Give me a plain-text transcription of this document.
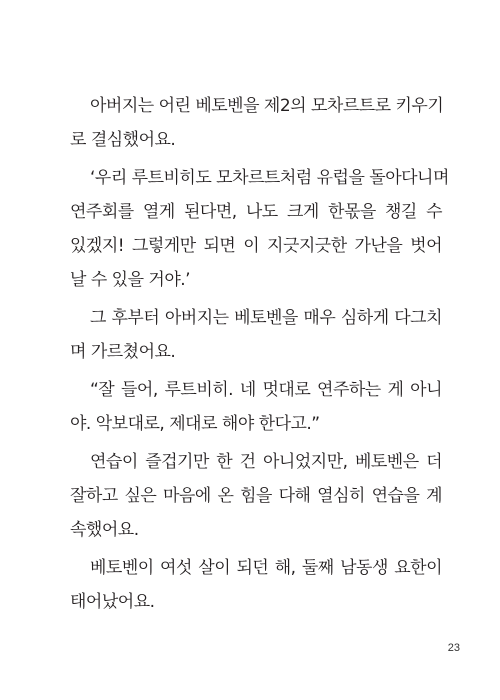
아버지는 어린 베토벤을 제2의 모차르트로 키우기
로 결심했어요.
‘우리 루트비히도 모차르트처럼 유럽을 돌아다니며
연주회를 열게 된다면, 나도 크게 한몫을 챙길 수
있겠지! 그렇게만 되면 이 지긋지긋한 가난을 벗어
날 수 있을 거야.’
그 후부터 아버지는 베토벤을 매우 심하게 다그치
며 가르쳤어요.
“잘 들어, 루트비히. 네 멋대로 연주하는 게 아니
야. 악보대로, 제대로 해야 한다고.”
연습이 즐겁기만 한 건 아니었지만, 베토벤은 더
잘하고 싶은 마음에 온 힘을 다해 열심히 연습을 계
속했어요.
베토벤이 여섯 살이 되던 해, 둘째 남동생 요한이
태어났어요.
23
